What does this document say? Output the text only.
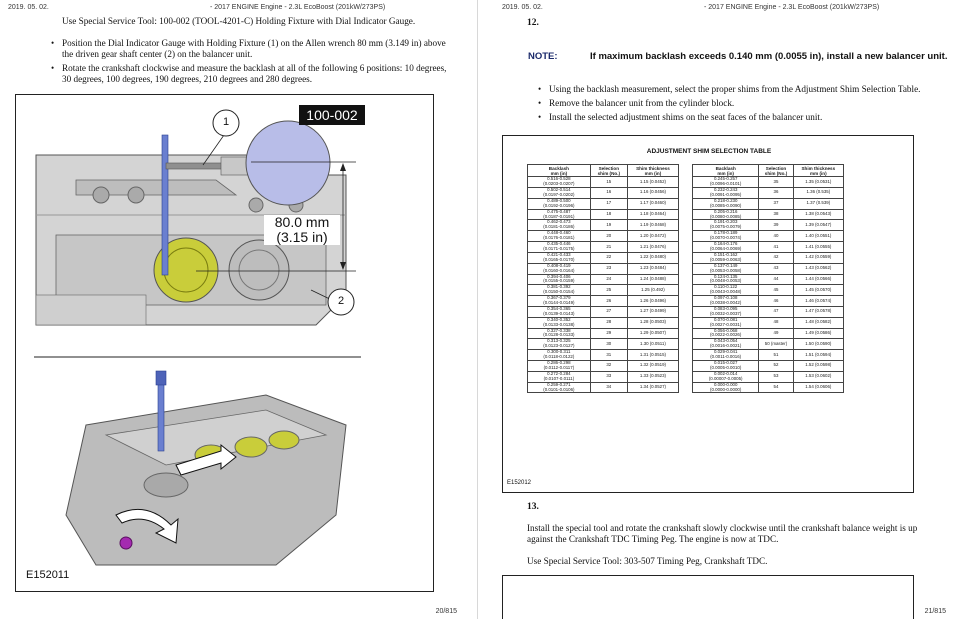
2019. 05. 02.	- 2017 ENGINE Engine - 2.3L EcoBoost (201kW/273PS)
Use Special Service Tool: 100-002 (TOOL-4201-C) Holding Fixture with Dial Indicator Gauge.
• Position the Dial Indicator Gauge with Holding Fixture (1) on the Allen wrench 80 mm (3.149 in) above the driven gear shaft center (2) on the balancer unit.
• Rotate the crankshaft clockwise and measure the backlash at all of the following 6 positions: 10 degrees, 30 degrees, 100 degrees, 190 degrees, 210 degrees and 280 degrees.
100-002
1
2
80.0 mm
(3.15 in)
E152011
20/815
2019. 05. 02.	- 2017 ENGINE Engine - 2.3L EcoBoost (201kW/273PS)
12.
NOTE:	If maximum backlash exceeds 0.140 mm (0.0055 in), install a new balancer unit.
• Using the backlash measurement, select the proper shims from the Adjustment Shim Selection Table.
• Remove the balancer unit from the cylinder block.
• Install the selected adjustment shims on the seat faces of the balancer unit.
ADJUSTMENT SHIM SELECTION TABLE
Backlash
mm (in)	Selection
shim (No.)	Shim thickness
mm (in)

0.516-0.528
(0.0203-0.0207)	15	1.15 (0.0452)

0.502-0.514
(0.0197-0.0202)	16	1.16 (0.0456)

0.489-0.500
(0.0192-0.0196)	17	1.17 (0.0460)

0.475-0.487
(0.0187-0.0191)	18	1.18 (0.0464)

0.462-0.473
(0.0181-0.0186)	19	1.19 (0.0468)

0.448-0.460
(0.0176-0.0181)	20	1.20 (0.0472)

0.435-0.446
(0.0171-0.0175)	21	1.21 (0.0476)

0.421-0.433
(0.0165-0.0170)	22	1.22 (0.0480)

0.408-0.419
(0.0160-0.0164)	23	1.23 (0.0484)

0.394-0.406
(0.0155-0.0159)	24	1.24 (0.0488)

0.381-0.392
(0.0150-0.0154)	25	1.25 (0.492)

0.367-0.379
(0.0144-0.0149)	26	1.26 (0.0496)

0.354-0.365
(0.0139-0.0143)	27	1.27 (0.0499)

0.340-0.352
(0.0133-0.0138)	28	1.28 (0.0503)

0.327-0.338
(0.0128-0.0133)	29	1.29 (0.0507)

0.313-0.325
(0.0123-0.0127)	30	1.30 (0.0511)

0.300-0.311
(0.0118-0.0122)	31	1.31 (0.0515)

0.286-0.298
(0.0112-0.0117)	32	1.32 (0.0519)

0.272-0.284
(0.0107-0.0111)	33	1.33 (0.0523)

0.259-0.271
(0.0101-0.0106)	34	1.34 (0.0527)
Backlash
mm (in)	Selection
shim (No.)	Shim thickness
mm (in)

0.245-0.257
(0.0096-0.0101)	35	1.35 (0.0531)

0.232-0.243
(0.0091-0.0095)	36	1.36 (0.535)

0.218-0.230
(0.0085-0.0090)	37	1.37 (0.539)

0.205-0.216
(0.0080-0.0085)	38	1.38 (0.0543)

0.191-0.203
(0.0075-0.0079)	39	1.39 (0.0547)

0.178-0.189
(0.0070-0.0074)	40	1.40 (0.0551)

0.164-0.176
(0.0064-0.0069)	41	1.41 (0.0555)

0.151-0.162
(0.0059-0.0063)	42	1.42 (0.0559)

0.137-0.149
(0.0053-0.0058)	43	1.43 (0.0562)

0.124-0.135
(0.0048-0.0053)	44	1.44 (0.0566)

0.110-0.122
(0.0043-0.0048)	45	1.45 (0.0570)

0.097-0.108
(0.0038-0.0042)	46	1.46 (0.0574)

0.083-0.095
(0.0032-0.0037)	47	1.47 (0.0578)

0.070-0.081
(0.0027-0.0031)	48	1.48 (0.0582)

0.056-0.068
(0.0022-0.0026)	49	1.49 (0.0586)

0.043-0.054
(0.0016-0.0021)	50 (master)	1.50 (0.0590)

0.029-0.041
(0.0011-0.0016)	51	1.51 (0.0594)

0.015-0.027
(0.0005-0.0010)	52	1.52 (0.0598)

0.002-0.014
(0.00007-0.0005)	53	1.53 (0.0602)

0.000-0.000
(0.0000-0.0000)	54	1.54 (0.0606)
E152012
13.
Install the special tool and rotate the crankshaft slowly clockwise until the crankshaft balance weight is up against the Crankshaft TDC Timing Peg. The engine is now at TDC.
Use Special Service Tool: 303-507 Timing Peg, Crankshaft TDC.
21/815
